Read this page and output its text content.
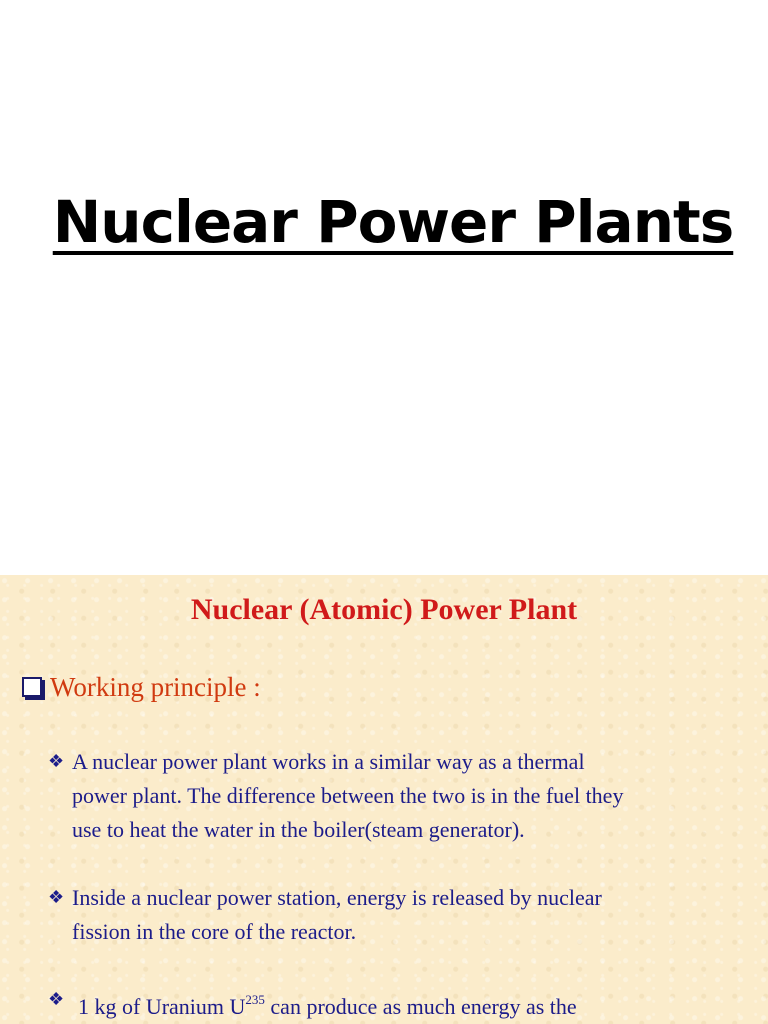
Nuclear Power Plants
Nuclear (Atomic) Power Plant
Working principle :
❖ A nuclear power plant works in a similar way as a thermal
power plant. The difference between the two is in the fuel they
use to heat the water in the boiler(steam generator).
❖ Inside a nuclear power station, energy is released by nuclear
fission in the core of the reactor.
❖ 1 kg of Uranium $U^{235}$ can produce as much energy as the
